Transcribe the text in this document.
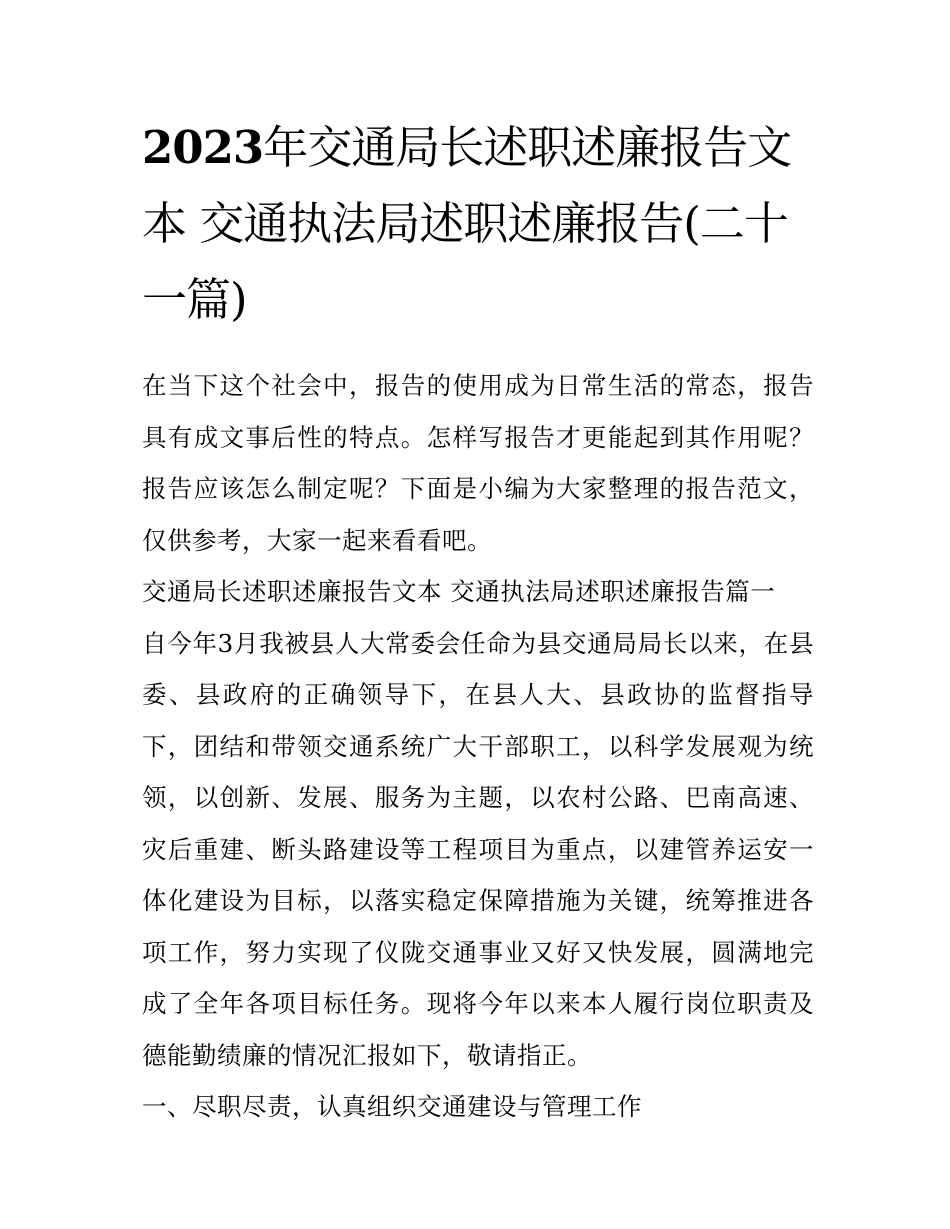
2023年交通局长述职述廉报告文本 交通执法局述职述廉报告(二十一篇)

在当下这个社会中，报告的使用成为日常生活的常态，报告具有成文事后性的特点。怎样写报告才更能起到其作用呢？报告应该怎么制定呢？下面是小编为大家整理的报告范文，仅供参考，大家一起来看看吧。

交通局长述职述廉报告文本 交通执法局述职述廉报告篇一

自今年3月我被县人大常委会任命为县交通局局长以来，在县委、县政府的正确领导下，在县人大、县政协的监督指导下，团结和带领交通系统广大干部职工，以科学发展观为统领，以创新、发展、服务为主题，以农村公路、巴南高速、灾后重建、断头路建设等工程项目为重点，以建管养运安一体化建设为目标，以落实稳定保障措施为关键，统筹推进各项工作，努力实现了仪陇交通事业又好又快发展，圆满地完成了全年各项目标任务。现将今年以来本人履行岗位职责及德能勤绩廉的情况汇报如下，敬请指正。

一、尽职尽责，认真组织交通建设与管理工作
